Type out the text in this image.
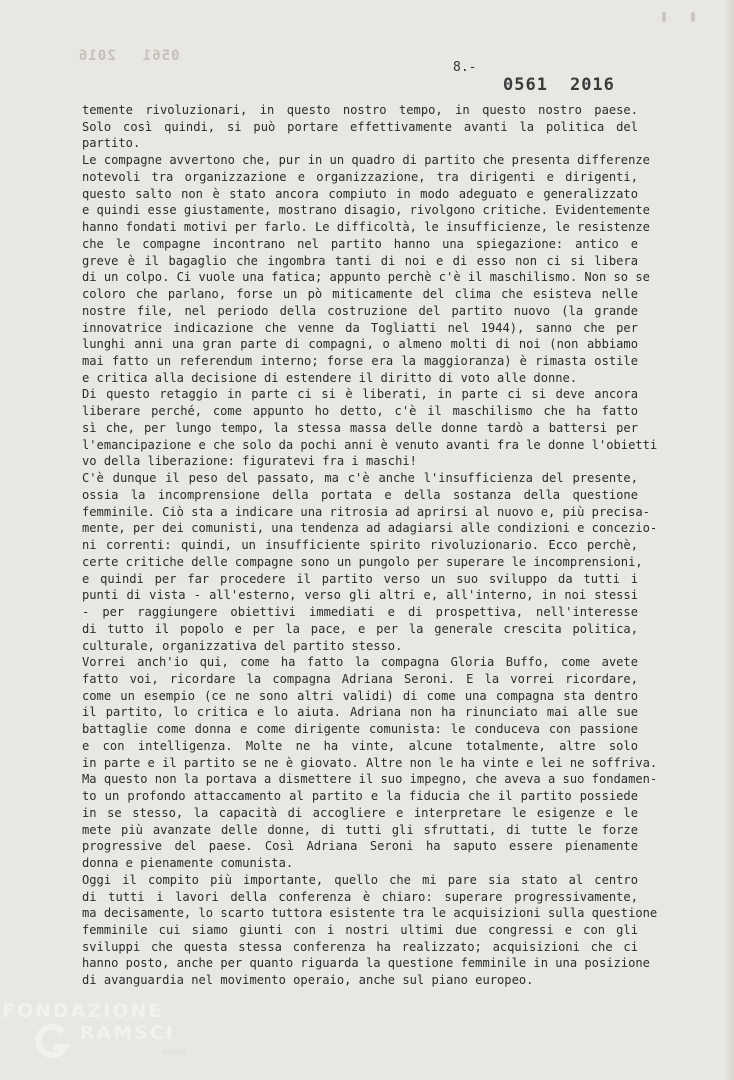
05612016
8.-
0561 2016
temente rivoluzionari, in questo nostro tempo, in questo nostro paese.
Solo così quindi, si può portare effettivamente avanti la politica del
partito.
Le compagne avvertono che, pur in un quadro di partito che presenta differenze
notevoli tra organizzazione e organizzazione, tra dirigenti e dirigenti,
questo salto non è stato ancora compiuto in modo adeguato e generalizzato
e quindi esse giustamente, mostrano disagio, rivolgono critiche. Evidentemente
hanno fondati motivi per farlo. Le difficoltà, le insufficienze, le resistenze
che le compagne incontrano nel partito hanno una spiegazione: antico e
greve è il bagaglio che ingombra tanti di noi e di esso non ci si libera
di un colpo. Ci vuole una fatica; appunto perchè c'è il maschilismo. Non so se
coloro che parlano, forse un pò miticamente del clima che esisteva nelle
nostre file, nel periodo della costruzione del partito nuovo (la grande
innovatrice indicazione che venne da Togliatti nel 1944), sanno che per
lunghi anni una gran parte di compagni, o almeno molti di noi (non abbiamo
mai fatto un referendum interno; forse era la maggioranza) è rimasta ostile
e critica alla decisione di estendere il diritto di voto alle donne.
Di questo retaggio in parte ci si è liberati, in parte ci si deve ancora
liberare perché, come appunto ho detto, c'è il maschilismo che ha fatto
sì che, per lungo tempo, la stessa massa delle donne tardò a battersi per
l'emancipazione e che solo da pochi anni è venuto avanti fra le donne l'obietti
vo della liberazione: figuratevi fra i maschi!
C'è dunque il peso del passato, ma c'è anche l'insufficienza del presente,
ossia la incomprensione della portata e della sostanza della questione
femminile. Ciò sta a indicare una ritrosia ad aprirsi al nuovo e, più precisa-
mente, per dei comunisti, una tendenza ad adagiarsi alle condizioni e concezio-
ni correnti: quindi, un insufficiente spirito rivoluzionario. Ecco perchè,
certe critiche delle compagne sono un pungolo per superare le incomprensioni,
e quindi per far procedere il partito verso un suo sviluppo da tutti i
punti di vista - all'esterno, verso gli altri e, all'interno, in noi stessi
- per raggiungere obiettivi immediati e di prospettiva, nell'interesse
di tutto il popolo e per la pace, e per la generale crescita politica,
culturale, organizzativa del partito stesso.
Vorrei anch'io qui, come ha fatto la compagna Gloria Buffo, come avete
fatto voi, ricordare la compagna Adriana Seroni. E la vorrei ricordare,
come un esempio (ce ne sono altri validi) di come una compagna sta dentro
il partito, lo critica e lo aiuta. Adriana non ha rinunciato mai alle sue
battaglie come donna e come dirigente comunista: le conduceva con passione
e con intelligenza. Molte ne ha vinte, alcune totalmente, altre solo
in parte e il partito se ne è giovato. Altre non le ha vinte e lei ne soffriva.
Ma questo non la portava a dismettere il suo impegno, che aveva a suo fondamen-
to un profondo attaccamento al partito e la fiducia che il partito possiede
in se stesso, la capacità di accogliere e interpretare le esigenze e le
mete più avanzate delle donne, di tutti gli sfruttati, di tutte le forze
progressive del paese. Così Adriana Seroni ha saputo essere pienamente
donna e pienamente comunista.
Oggi il compito più importante, quello che mi pare sia stato al centro
di tutti i lavori della conferenza è chiaro: superare progressivamente,
ma decisamente, lo scarto tuttora esistente tra le acquisizioni sulla questione
femminile cui siamo giunti con i nostri ultimi due congressi e con gli
sviluppi che questa stessa conferenza ha realizzato; acquisizioni che ci
hanno posto, anche per quanto riguarda la questione femminile in una posizione
di avanguardia nel movimento operaio, anche sul piano europeo.
FONDAZIONE
RAMSCI
online
